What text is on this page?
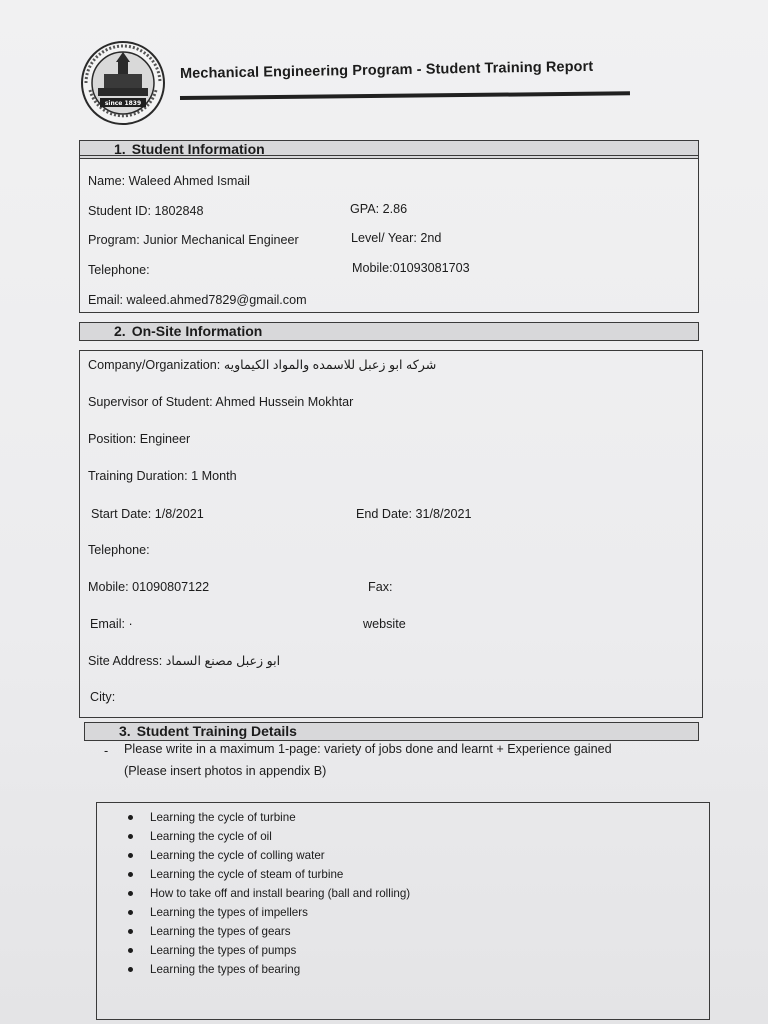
since 1839
Mechanical Engineering Program - Student Training Report
1. Student Information
Name: Waleed Ahmed Ismail
Student ID: 1802848	GPA: 2.86
Program: Junior Mechanical Engineer	Level/ Year: 2nd
Telephone:	Mobile:01093081703
Email: waleed.ahmed7829@gmail.com
2. On-Site Information
Company/Organization: شركه ابو زعبل للاسمده والمواد الكيماويه
Supervisor of Student: Ahmed Hussein Mokhtar
Position: Engineer
Training Duration: 1 Month
Start Date: 1/8/2021	End Date: 31/8/2021
Telephone:
Mobile: 01090807122	Fax:
Email: ·	website
Site Address: ابو زعبل مصنع السماد
City:
3. Student Training Details
- Please write in a maximum 1-page: variety of jobs done and learnt + Experience gained
(Please insert photos in appendix B)
Learning the cycle of turbine
Learning the cycle of oil
Learning the cycle of colling water
Learning the cycle of steam of turbine
How to take off and install bearing (ball and rolling)
Learning the types of impellers
Learning the types of gears
Learning the types of pumps
Learning the types of bearing
